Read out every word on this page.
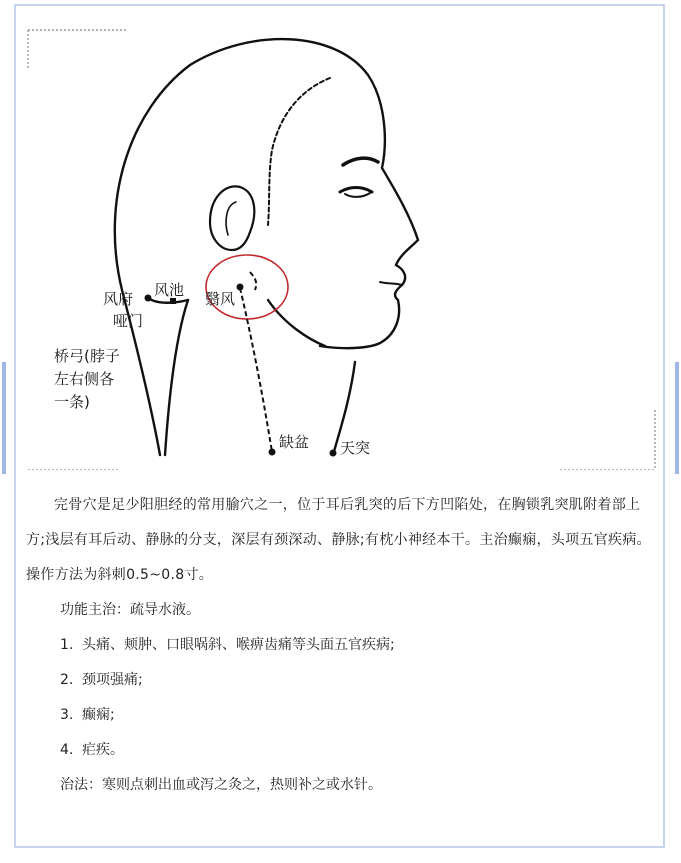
风府 风池
哑门
翳风
桥弓(脖子
左右侧各
一条)
缺盆 天突

完骨穴是足少阳胆经的常用腧穴之一，位于耳后乳突的后下方凹陷处，在胸锁乳突肌附着部上方;浅层有耳后动、静脉的分支，深层有颈深动、静脉;有枕小神经本干。主治癫痫，头项五官疾病。操作方法为斜刺0.5~0.8寸。

功能主治：疏导水液。

1. 头痛、颊肿、口眼㖞斜、喉痹齿痛等头面五官疾病;

2. 颈项强痛;

3. 癫痫;

4. 疟疾。

治法：寒则点刺出血或泻之灸之，热则补之或水针。
